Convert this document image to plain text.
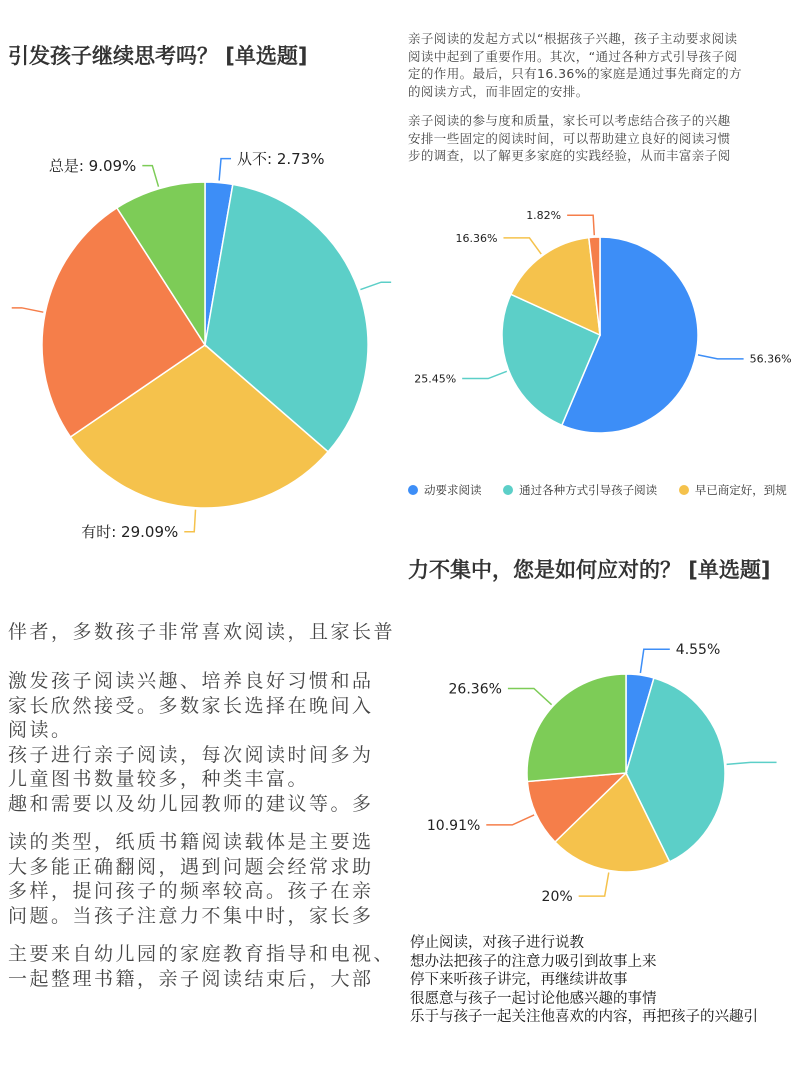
引发孩子继续思考吗？ [单选题]
从不: 2.73%
有时: 29.09%
总是: 9.09%
亲子阅读的发起方式以“根据孩子兴趣，孩子主动要求阅读
阅读中起到了重要作用。其次，“通过各种方式引导孩子阅
定的作用。最后，只有16.36%的家庭是通过事先商定的方
的阅读方式，而非固定的安排。
亲子阅读的参与度和质量，家长可以考虑结合孩子的兴趣
安排一些固定的阅读时间，可以帮助建立良好的阅读习惯
步的调查，以了解更多家庭的实践经验，从而丰富亲子阅
56.36%
25.45%
16.36%
1.82%
动要求阅读	通过各种方式引导孩子阅读	早已商定好，到规
伴者，多数孩子非常喜欢阅读，且家长普

激发孩子阅读兴趣、培养良好习惯和品
家长欣然接受。多数家长选择在晚间入
阅读。
孩子进行亲子阅读，每次阅读时间多为
儿童图书数量较多，种类丰富。
趣和需要以及幼儿园教师的建议等。多
读的类型，纸质书籍阅读载体是主要选
大多能正确翻阅，遇到问题会经常求助
多样，提问孩子的频率较高。孩子在亲
问题。当孩子注意力不集中时，家长多
主要来自幼儿园的家庭教育指导和电视、
一起整理书籍，亲子阅读结束后，大部
力不集中，您是如何应对的？ [单选题]
4.55%
20%
10.91%
26.36%
停止阅读，对孩子进行说教
想办法把孩子的注意力吸引到故事上来
停下来听孩子讲完，再继续讲故事
很愿意与孩子一起讨论他感兴趣的事情
乐于与孩子一起关注他喜欢的内容，再把孩子的兴趣引
